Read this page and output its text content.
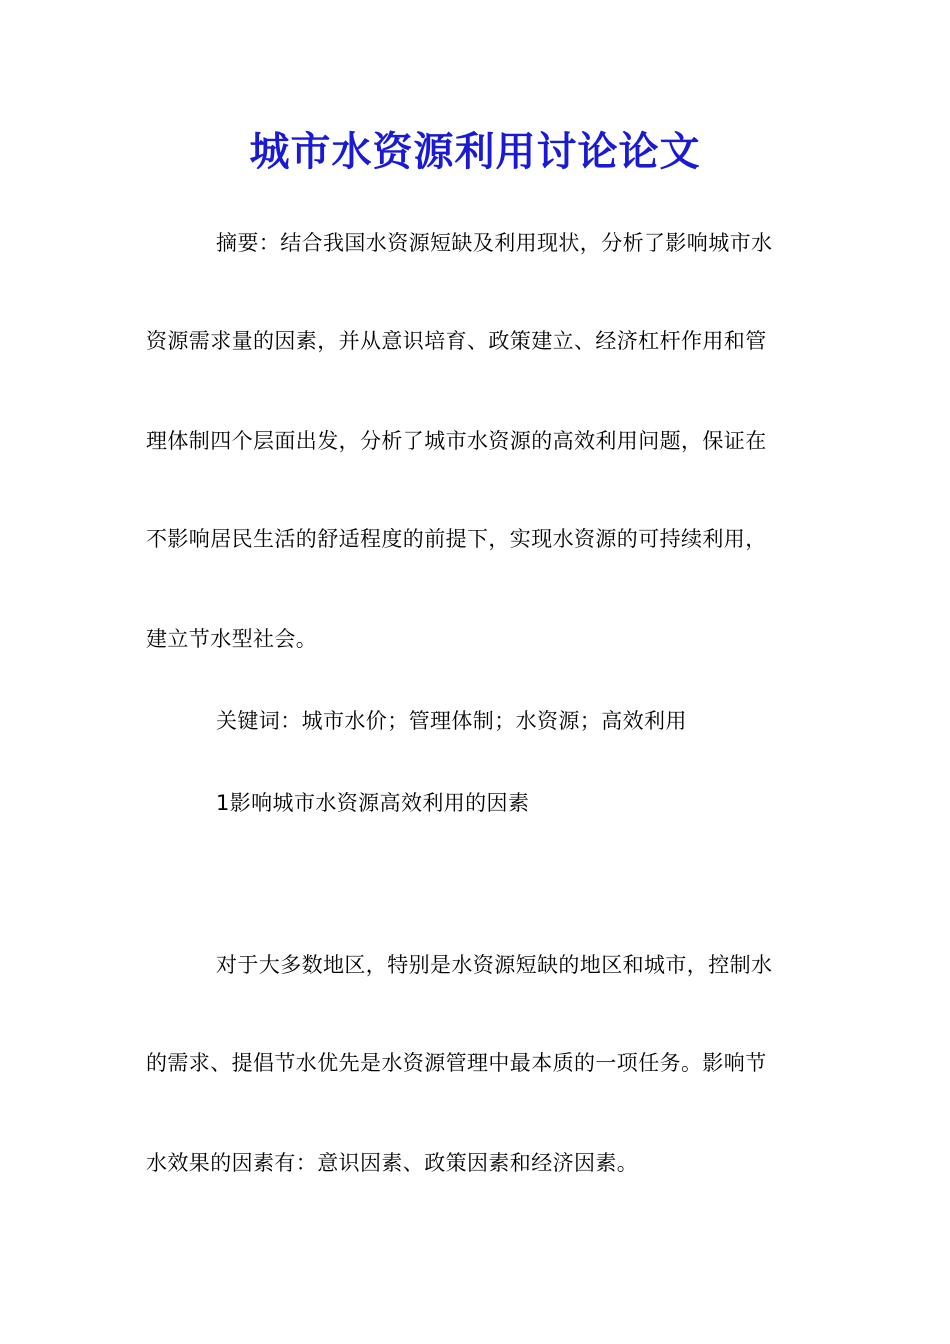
城市水资源利用讨论论文
摘要：结合我国水资源短缺及利用现状，分析了影响城市水
资源需求量的因素，并从意识培育、政策建立、经济杠杆作用和管
理体制四个层面出发，分析了城市水资源的高效利用问题，保证在
不影响居民生活的舒适程度的前提下，实现水资源的可持续利用，
建立节水型社会。
关键词：城市水价；管理体制；水资源；高效利用
1影响城市水资源高效利用的因素
对于大多数地区，特别是水资源短缺的地区和城市，控制水
的需求、提倡节水优先是水资源管理中最本质的一项任务。影响节
水效果的因素有：意识因素、政策因素和经济因素。
